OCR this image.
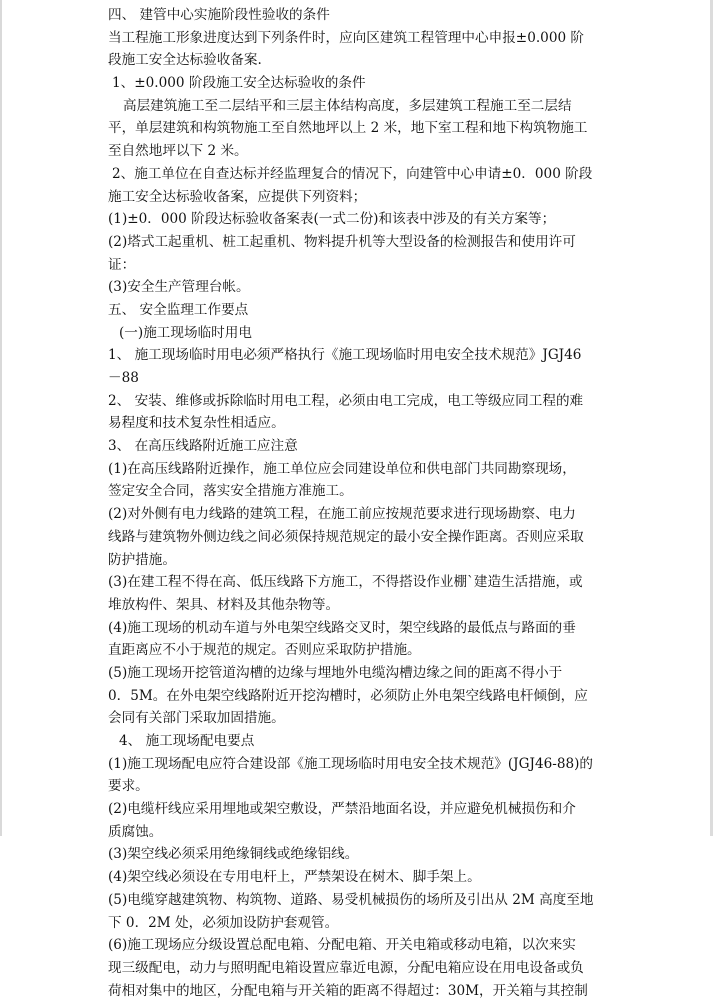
四、 建管中心实施阶段性验收的条件
当工程施工形象进度达到下列条件时，应向区建筑工程管理中心申报±0.000 阶
段施工安全达标验收备案.
1、±0.000 阶段施工安全达标验收的条件
高层建筑施工至二层结平和三层主体结构高度，多层建筑工程施工至二层结
平，单层建筑和构筑物施工至自然地坪以上 2 米，地下室工程和地下构筑物施工
至自然地坪以下 2 米。
2、施工单位在自查达标并经监理复合的情况下，向建管中心申请±0．000 阶段
施工安全达标验收备案，应提供下列资料；
(1)±0．000 阶段达标验收备案表(一式二份)和该表中涉及的有关方案等；
(2)塔式工起重机、桩工起重机、物料提升机等大型设备的检测报告和使用许可
证：
(3)安全生产管理台帐。
五、 安全监理工作要点
(一)施工现场临时用电
1、 施工现场临时用电必须严格执行《施工现场临时用电安全技术规范》JGJ46
－88
2、 安装、维修或拆除临时用电工程，必须由电工完成，电工等级应同工程的难
易程度和技术复杂性相适应。
3、 在高压线路附近施工应注意
(1)在高压线路附近操作，施工单位应会同建设单位和供电部门共同勘察现场，
签定安全合同，落实安全措施方准施工。
(2)对外侧有电力线路的建筑工程，在施工前应按规范要求进行现场勘察、电力
线路与建筑物外侧边线之间必须保持规范规定的最小安全操作距离。否则应采取
防护措施。
(3)在建工程不得在高、低压线路下方施工，不得搭设作业棚`建造生活措施，或
堆放构件、架具、材料及其他杂物等。
(4)施工现场的机动车道与外电架空线路交叉时，架空线路的最低点与路面的垂
直距离应不小于规范的规定。否则应采取防护措施。
(5)施工现场开挖管道沟槽的边缘与埋地外电缆沟槽边缘之间的距离不得小于
0．5M。在外电架空线路附近开挖沟槽时，必须防止外电架空线路电杆倾倒，应
会同有关部门采取加固措施。
4、 施工现场配电要点
(1)施工现场配电应符合建设部《施工现场临时用电安全技术规范》(JGJ46-88)的
要求。
(2)电缆杆线应采用埋地或架空敷设，严禁沿地面名设，并应避免机械损伤和介
质腐蚀。
(3)架空线必须采用绝缘铜线或绝缘铝线。
(4)架空线必须设在专用电杆上，严禁架设在树木、脚手架上。
(5)电缆穿越建筑物、构筑物、道路、易受机械损伤的场所及引出从 2M 高度至地
下 0．2M 处，必须加设防护套观管。
(6)施工现场应分级设置总配电箱、分配电箱、开关电箱或移动电箱，以次来实
现三级配电，动力与照明配电箱设置应靠近电源，分配电箱应设在用电设备或负
荷相对集中的地区，分配电箱与开关箱的距离不得超过：30M，开关箱与其控制
